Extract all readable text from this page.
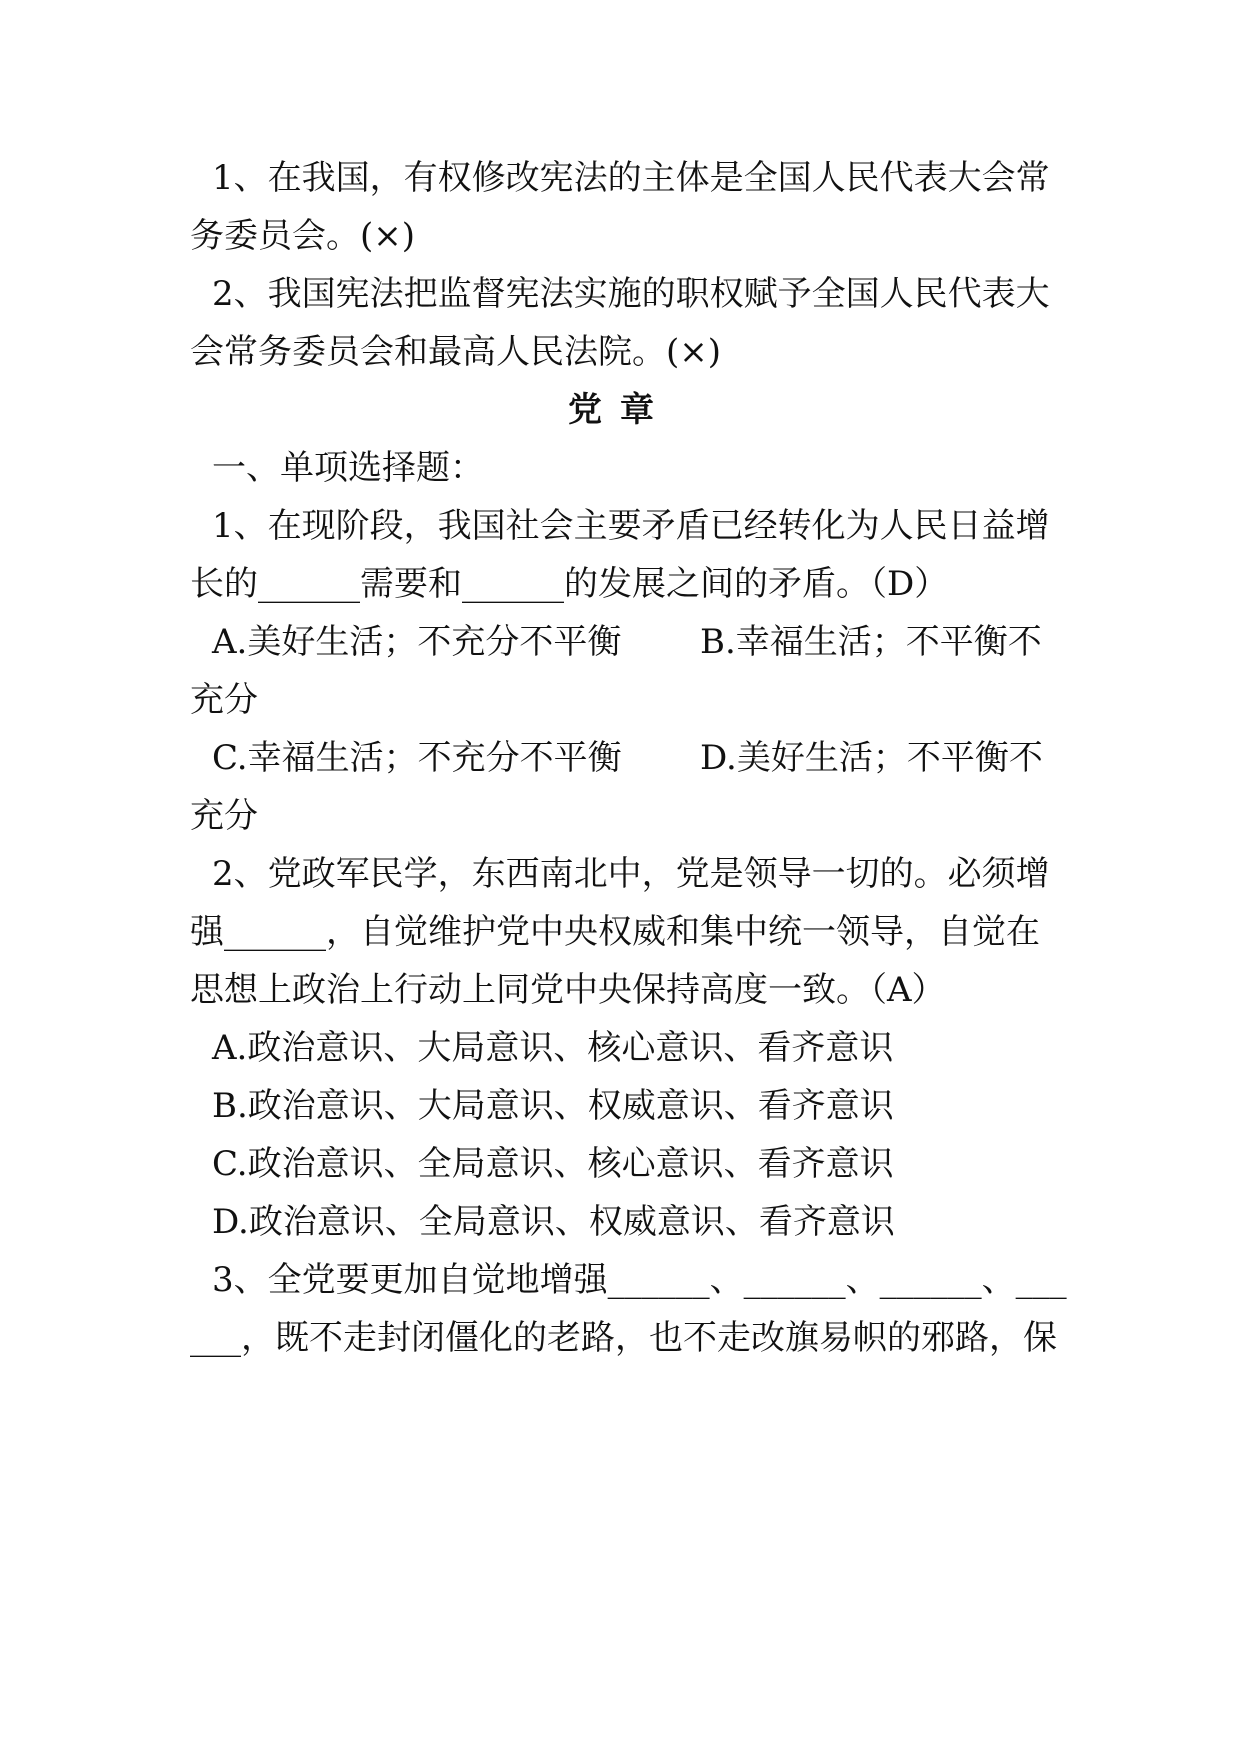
1、在我国，有权修改宪法的主体是全国人民代表大会常
务委员会。(×)
2、我国宪法把监督宪法实施的职权赋予全国人民代表大
会常务委员会和最高人民法院。(×)
党章
一、单项选择题：
1、在现阶段，我国社会主要矛盾已经转化为人民日益增
长的______需要和______的发展之间的矛盾。（D）
A.美好生活；不充分不平衡 B.幸福生活；不平衡不
充分
C.幸福生活；不充分不平衡 D.美好生活；不平衡不
充分
2、党政军民学，东西南北中，党是领导一切的。必须增
强______，自觉维护党中央权威和集中统一领导，自觉在
思想上政治上行动上同党中央保持高度一致。（A）
A.政治意识、大局意识、核心意识、看齐意识
B.政治意识、大局意识、权威意识、看齐意识
C.政治意识、全局意识、核心意识、看齐意识
D.政治意识、全局意识、权威意识、看齐意识
3、全党要更加自觉地增强______、______、______、___
___，既不走封闭僵化的老路，也不走改旗易帜的邪路，保
